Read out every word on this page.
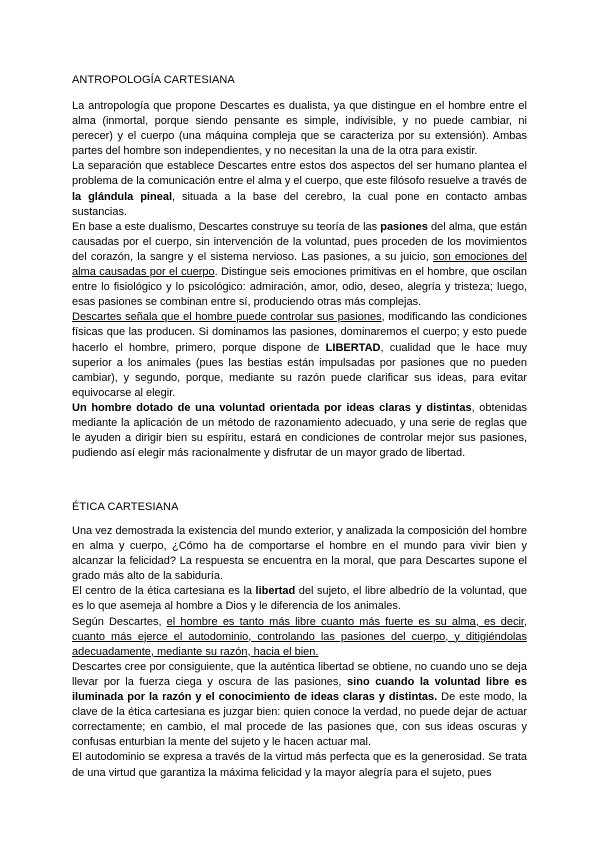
ANTROPOLOGÍA CARTESIANA

La antropología que propone Descartes es dualista, ya que distingue en el hombre entre el alma (inmortal, porque siendo pensante es simple, indivisible, y no puede cambiar, ni perecer) y el cuerpo (una máquina compleja que se caracteriza por su extensión). Ambas partes del hombre son independientes, y no necesitan la una de la otra para existir.

La separación que establece Descartes entre estos dos aspectos del ser humano plantea el problema de la comunicación entre el alma y el cuerpo, que este filósofo resuelve a través de la glándula pineal, situada a la base del cerebro, la cual pone en contacto ambas sustancias.

En base a este dualismo, Descartes construye su teoría de las pasiones del alma, que están causadas por el cuerpo, sin intervención de la voluntad, pues proceden de los movimientos del corazón, la sangre y el sistema nervioso. Las pasiones, a su juicio, son emociones del alma causadas por el cuerpo. Distingue seis emociones primitivas en el hombre, que oscilan entre lo fisiológico y lo psicológico: admiración, amor, odio, deseo, alegría y tristeza; luego, esas pasiones se combinan entre sí, produciendo otras más complejas.

Descartes señala que el hombre puede controlar sus pasiones, modificando las condiciones físicas que las producen. Si dominamos las pasiones, dominaremos el cuerpo; y esto puede hacerlo el hombre, primero, porque dispone de LIBERTAD, cualidad que le hace muy superior a los animales (pues las bestias están impulsadas por pasiones que no pueden cambiar), y segundo, porque, mediante su razón puede clarificar sus ideas, para evitar equivocarse al elegir.

Un hombre dotado de una voluntad orientada por ideas claras y distintas, obtenidas mediante la aplicación de un método de razonamiento adecuado, y una serie de reglas que le ayuden a dirigir bien su espíritu, estará en condiciones de controlar mejor sus pasiones, pudiendo así elegir más racionalmente y disfrutar de un mayor grado de libertad.

ÉTICA CARTESIANA

Una vez demostrada la existencia del mundo exterior, y analizada la composición del hombre en alma y cuerpo, ¿Cómo ha de comportarse el hombre en el mundo para vivir bien y alcanzar la felicidad? La respuesta se encuentra en la moral, que para Descartes supone el grado más alto de la sabiduría.

El centro de la ética cartesiana es la libertad del sujeto, el libre albedrío de la voluntad, que es lo que asemeja al hombre a Dios y le diferencia de los animales.

Según Descartes, el hombre es tanto más libre cuanto más fuerte es su alma, es decir, cuanto más ejerce el autodominio, controlando las pasiones del cuerpo, y ditigiéndolas adecuadamente, mediante su razón, hacia el bien.

Descartes cree por consiguiente, que la auténtica libertad se obtiene, no cuando uno se deja llevar por la fuerza ciega y oscura de las pasiones, sino cuando la voluntad libre es iluminada por la razón y el conocimiento de ideas claras y distintas. De este modo, la clave de la ética cartesiana es juzgar bien: quien conoce la verdad, no puede dejar de actuar correctamente; en cambio, el mal procede de las pasiones que, con sus ideas oscuras y confusas enturbian la mente del sujeto y le hacen actuar mal.

El autodominio se expresa a través de la virtud más perfecta que es la generosidad. Se trata de una virtud que garantiza la máxima felicidad y la mayor alegría para el sujeto, pues
